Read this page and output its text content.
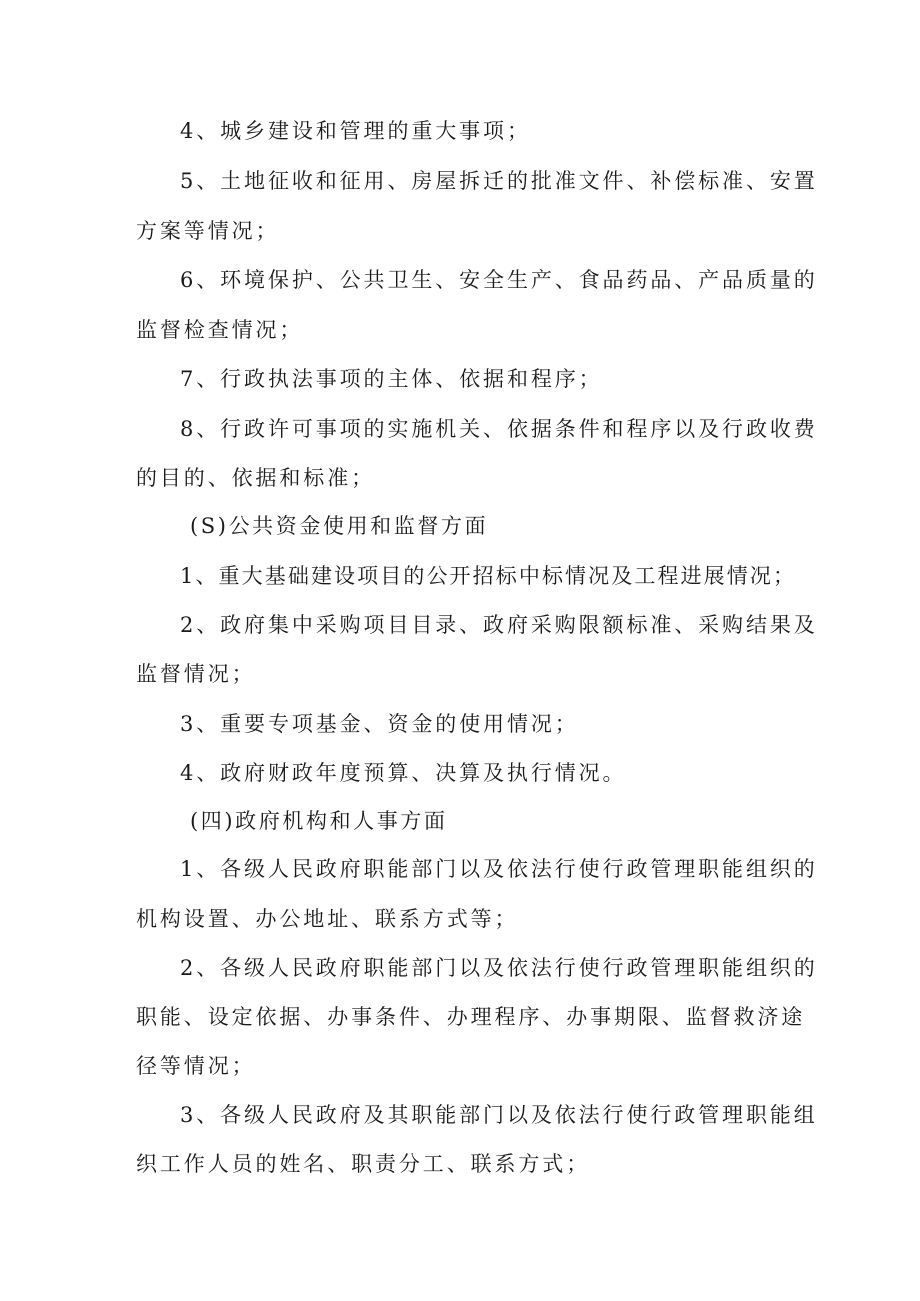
4、城乡建设和管理的重大事项；
5、土地征收和征用、房屋拆迁的批准文件、补偿标准、安置
方案等情况；
6、环境保护、公共卫生、安全生产、食品药品、产品质量的
监督检查情况；
7、行政执法事项的主体、依据和程序；
8、行政许可事项的实施机关、依据条件和程序以及行政收费
的目的、依据和标准；
(S)公共资金使用和监督方面
1、重大基础建设项目的公开招标中标情况及工程进展情况；
2、政府集中采购项目目录、政府采购限额标准、采购结果及
监督情况；
3、重要专项基金、资金的使用情况；
4、政府财政年度预算、决算及执行情况。
(四)政府机构和人事方面
1、各级人民政府职能部门以及依法行使行政管理职能组织的
机构设置、办公地址、联系方式等；
2、各级人民政府职能部门以及依法行使行政管理职能组织的
职能、设定依据、办事条件、办理程序、办事期限、监督救济途
径等情况；
3、各级人民政府及其职能部门以及依法行使行政管理职能组
织工作人员的姓名、职责分工、联系方式；
